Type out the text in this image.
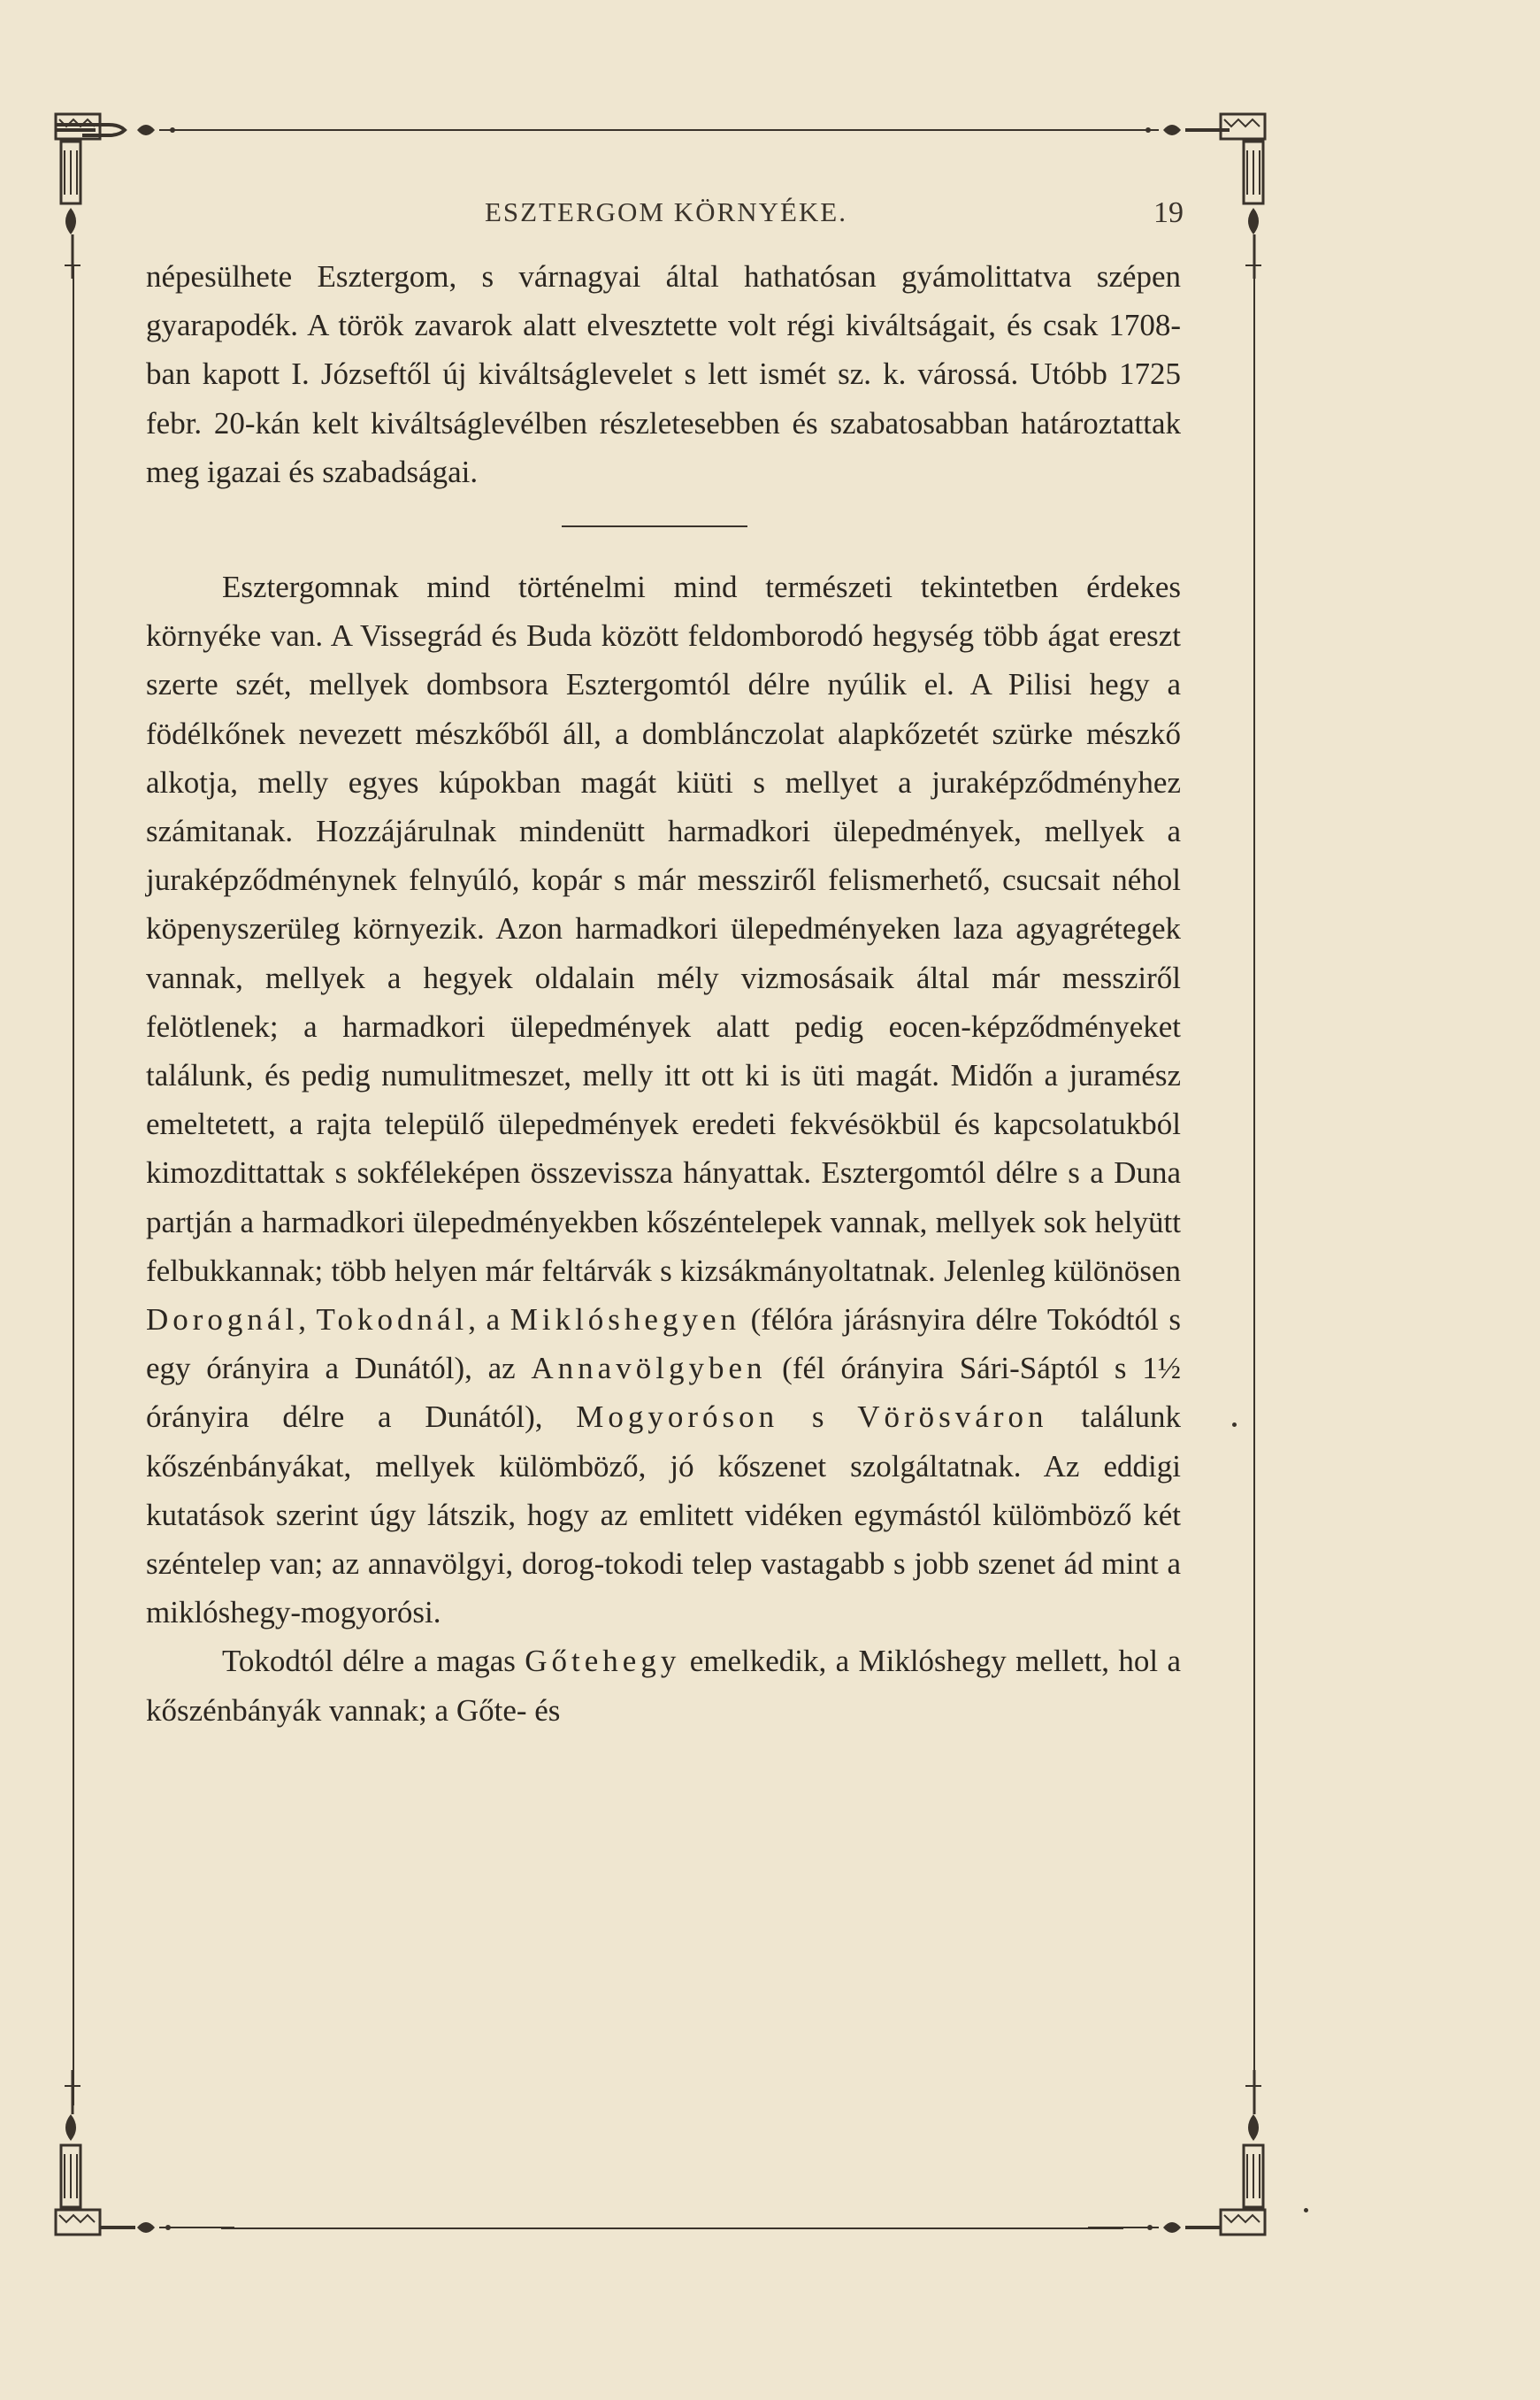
ESZTERGOM KÖRNYÉKE.	19

népesülhete Esztergom, s várnagyai által hathatósan gyámolittatva szépen gyarapodék. A török zavarok alatt elvesztette volt régi kiváltságait, és csak 1708-ban kapott I. Józseftől új kiváltságlevelet s lett ismét sz. k. várossá. Utóbb 1725 febr. 20-kán kelt kiváltságlevélben részletesebben és szabatosabban határoztattak meg igazai és szabadságai.

Esztergomnak mind történelmi mind természeti tekintetben érdekes környéke van. A Vissegrád és Buda között feldomborodó hegység több ágat ereszt szerte szét, mellyek dombsora Esztergomtól délre nyúlik el. A Pilisi hegy a födélkőnek nevezett mészkőből áll, a domblánczolat alapkőzetét szürke mészkő alkotja, melly egyes kúpokban magát kiüti s mellyet a juraképződményhez számitanak. Hozzájárulnak mindenütt harmadkori ülepedmények, mellyek a juraképződménynek felnyúló, kopár s már messziről felismerhető, csucsait néhol köpenyszerüleg környezik. Azon harmadkori ülepedményeken laza agyagrétegek vannak, mellyek a hegyek oldalain mély vizmosásaik által már messziről felötlenek; a harmadkori ülepedmények alatt pedig eocen-képződményeket találunk, és pedig numulitmeszet, melly itt ott ki is üti magát. Midőn a juramész emeltetett, a rajta települő ülepedmények eredeti fekvésökbül és kapcsolatukból kimozdittattak s sokféleképen összevissza hányattak. Esztergomtól délre s a Duna partján a harmadkori ülepedményekben kőszéntelepek vannak, mellyek sok helyütt felbukkannak; több helyen már feltárvák s kizsákmányoltatnak. Jelenleg különösen Dorognál, Tokodnál, a Miklóshegyen (félóra járásnyira délre Tokódtól s egy órányira a Dunától), az Annavölgyben (fél órányira Sári-Sáptól s 1½ órányira délre a Dunától), Mogyoróson s Vörösváron találunk kőszénbányákat, mellyek külömböző, jó kőszenet szolgáltatnak. Az eddigi kutatások szerint úgy látszik, hogy az emlitett vidéken egymástól külömböző két széntelep van; az annavölgyi, dorog-tokodi telep vastagabb s jobb szenet ád mint a miklóshegy-mogyorósi.

Tokodtól délre a magas Gőtehegy emelkedik, a Miklóshegy mellett, hol a kőszénbányák vannak; a Gőte- és
